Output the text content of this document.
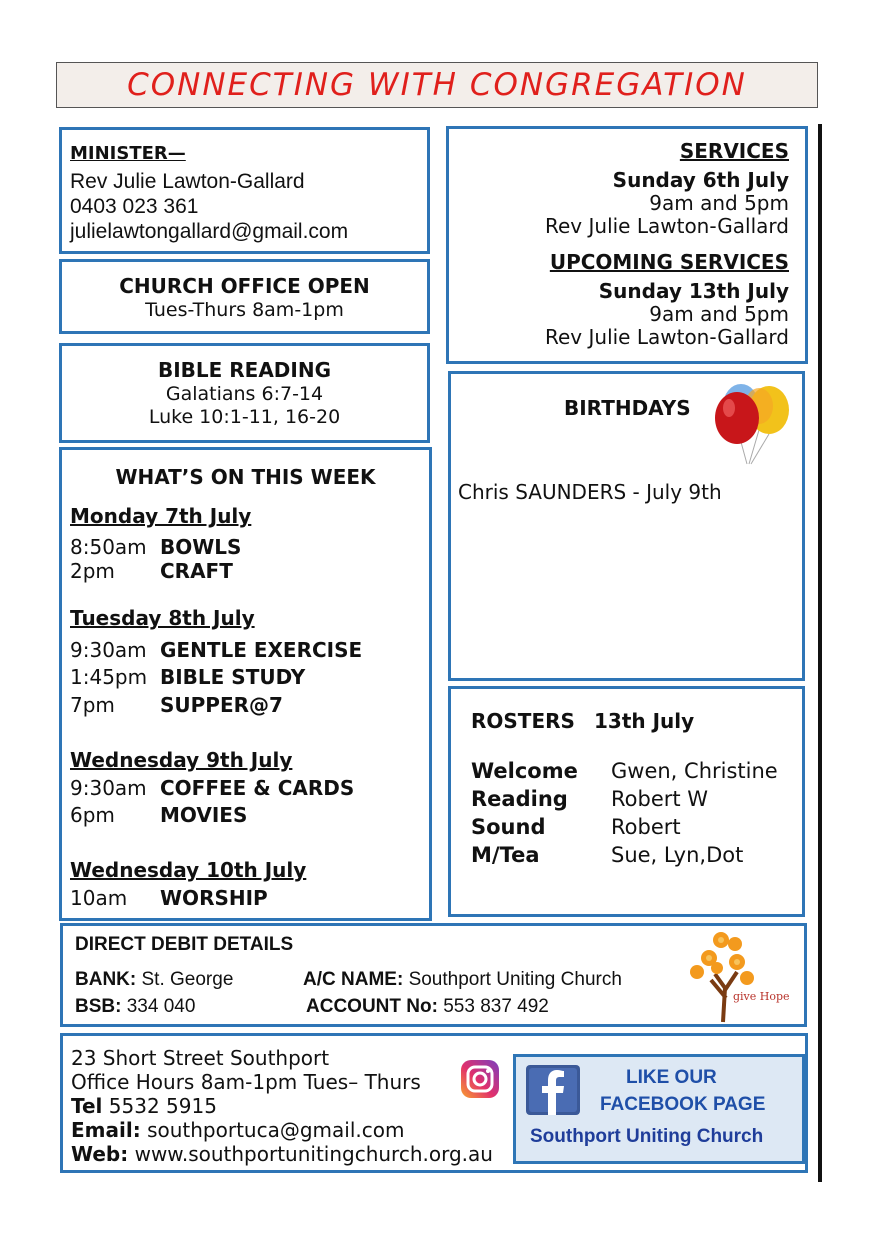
CONNECTING WITH CONGREGATION
MINISTER—
Rev Julie Lawton-Gallard
0403 023 361
julielawtongallard@gmail.com
CHURCH OFFICE OPEN
Tues-Thurs 8am-1pm
BIBLE READING
Galatians 6:7-14
Luke 10:1-11, 16-20
WHAT’S ON THIS WEEK
Monday 7th July
8:50am BOWLS
2pm CRAFT
Tuesday 8th July
9:30am GENTLE EXERCISE
1:45pm BIBLE STUDY
7pm SUPPER@7
Wednesday 9th July
9:30am COFFEE & CARDS
6pm MOVIES
Wednesday 10th July
10am WORSHIP
SERVICES
Sunday 6th July
9am and 5pm
Rev Julie Lawton-Gallard
UPCOMING SERVICES
Sunday 13th July
9am and 5pm
Rev Julie Lawton-Gallard
BIRTHDAYS
Chris SAUNDERS - July 9th
ROSTERS 13th July
Welcome Gwen, Christine
Reading Robert W
Sound	Robert
M/Tea	Sue, Lyn,Dot
DIRECT DEBIT DETAILS
BANK: St. George	A/C NAME: Southport Uniting Church
BSB: 334 040	ACCOUNT No: 553 837 492	give Hope
23 Short Street Southport
Office Hours 8am-1pm Tues– Thurs
Tel 5532 5915
Email: southportuca@gmail.com
Web: www.southportunitingchurch.org.au
LIKE OUR
FACEBOOK PAGE
Southport Uniting Church
